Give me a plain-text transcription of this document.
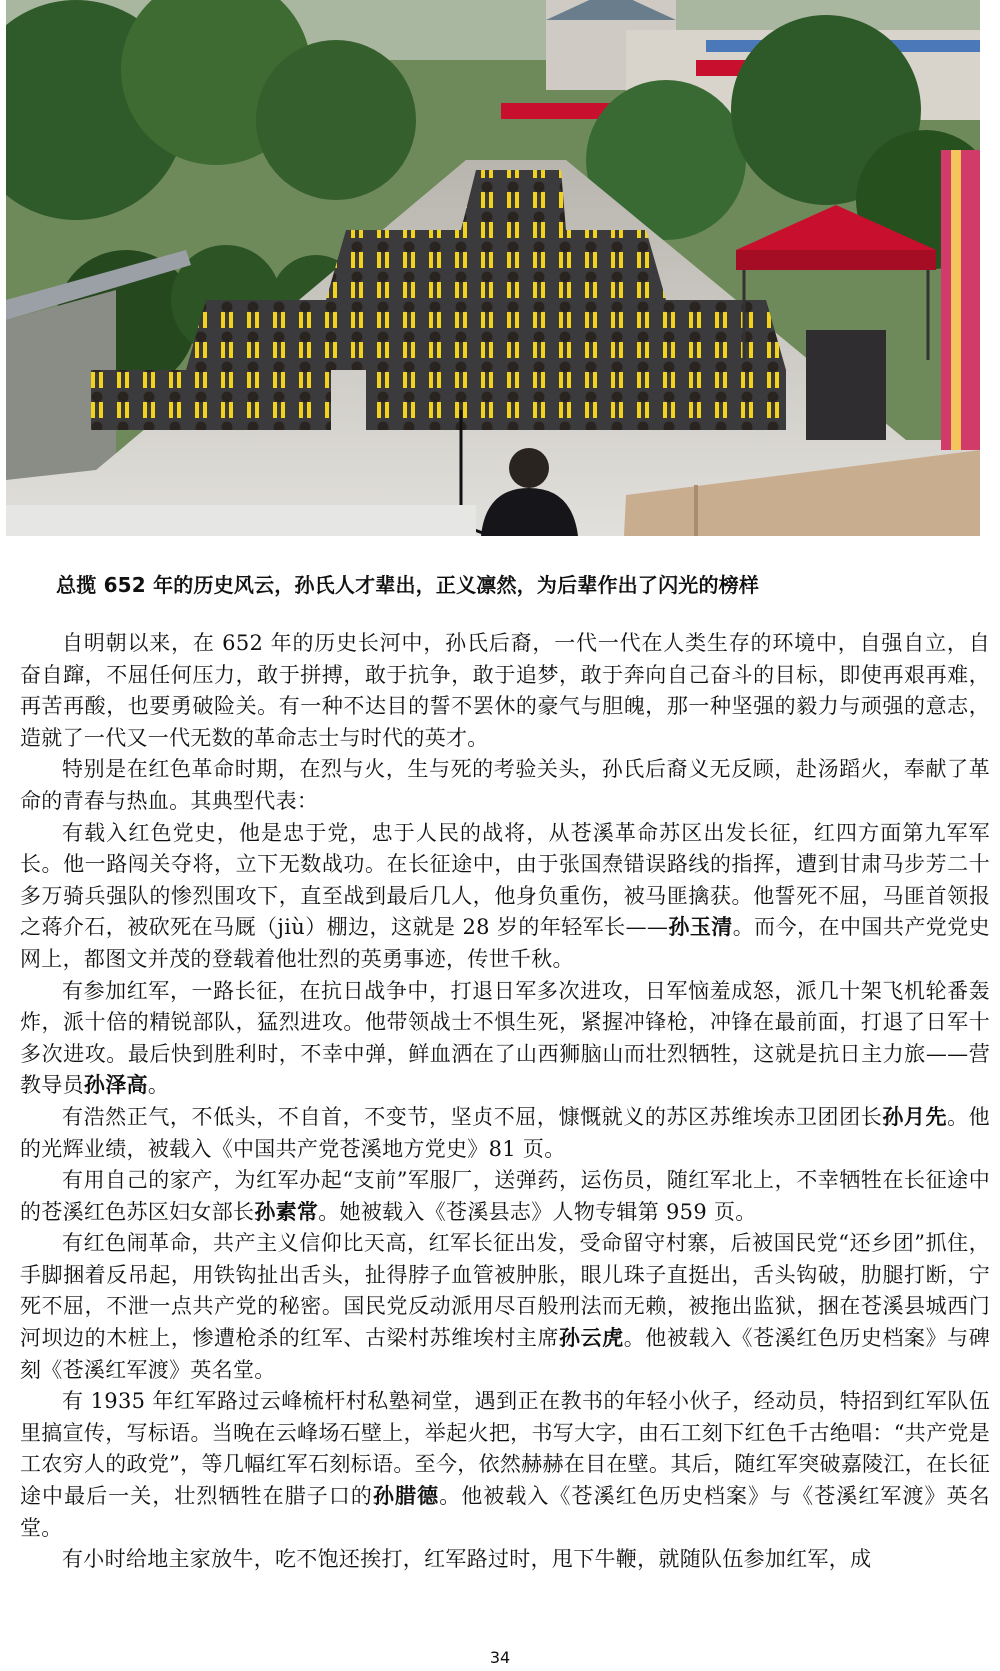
总揽 652 年的历史风云，孙氏人才辈出，正义凛然，为后辈作出了闪光的榜样

自明朝以来，在 652 年的历史长河中，孙氏后裔，一代一代在人类生存的环境中，自强自立，自奋自蹿，不屈任何压力，敢于拼搏，敢于抗争，敢于追梦，敢于奔向自己奋斗的目标，即使再艰再难，再苦再酸，也要勇破险关。有一种不达目的誓不罢休的豪气与胆魄，那一种坚强的毅力与顽强的意志，造就了一代又一代无数的革命志士与时代的英才。

特别是在红色革命时期，在烈与火，生与死的考验关头，孙氏后裔义无反顾，赴汤蹈火，奉献了革命的青春与热血。其典型代表：

有载入红色党史，他是忠于党，忠于人民的战将，从苍溪革命苏区出发长征，红四方面第九军军长。他一路闯关夺将，立下无数战功。在长征途中，由于张国焘错误路线的指挥，遭到甘肃马步芳二十多万骑兵强队的惨烈围攻下，直至战到最后几人，他身负重伤，被马匪擒获。他誓死不屈，马匪首领报之蒋介石，被砍死在马厩（jiù）棚边，这就是 28 岁的年轻军长——孙玉清。而今，在中国共产党党史网上，都图文并茂的登载着他壮烈的英勇事迹，传世千秋。

有参加红军，一路长征，在抗日战争中，打退日军多次进攻，日军恼羞成怒，派几十架飞机轮番轰炸，派十倍的精锐部队，猛烈进攻。他带领战士不惧生死，紧握冲锋枪，冲锋在最前面，打退了日军十多次进攻。最后快到胜利时，不幸中弹，鲜血洒在了山西狮脑山而壮烈牺牲，这就是抗日主力旅——营教导员孙泽高。

有浩然正气，不低头，不自首，不变节，坚贞不屈，慷慨就义的苏区苏维埃赤卫团团长孙月先。他的光辉业绩，被载入《中国共产党苍溪地方党史》81 页。

有用自己的家产，为红军办起“支前”军服厂，送弹药，运伤员，随红军北上，不幸牺牲在长征途中的苍溪红色苏区妇女部长孙素常。她被载入《苍溪县志》人物专辑第 959 页。

有红色闹革命，共产主义信仰比天高，红军长征出发，受命留守村寨，后被国民党“还乡团”抓住，手脚捆着反吊起，用铁钩扯出舌头，扯得脖子血管被肿胀，眼儿珠子直挺出，舌头钩破，肋腿打断，宁死不屈，不泄一点共产党的秘密。国民党反动派用尽百般刑法而无赖，被拖出监狱，捆在苍溪县城西门河坝边的木桩上，惨遭枪杀的红军、古梁村苏维埃村主席孙云虎。他被载入《苍溪红色历史档案》与碑刻《苍溪红军渡》英名堂。

有 1935 年红军路过云峰梳杆村私塾祠堂，遇到正在教书的年轻小伙子，经动员，特招到红军队伍里搞宣传，写标语。当晚在云峰场石壁上，举起火把，书写大字，由石工刻下红色千古绝唱：“共产党是工农穷人的政党”，等几幅红军石刻标语。至今，依然赫赫在目在壁。其后，随红军突破嘉陵江，在长征途中最后一关，壮烈牺牲在腊子口的孙腊德。他被载入《苍溪红色历史档案》与《苍溪红军渡》英名堂。

有小时给地主家放牛，吃不饱还挨打，红军路过时，甩下牛鞭，就随队伍参加红军，成

34
